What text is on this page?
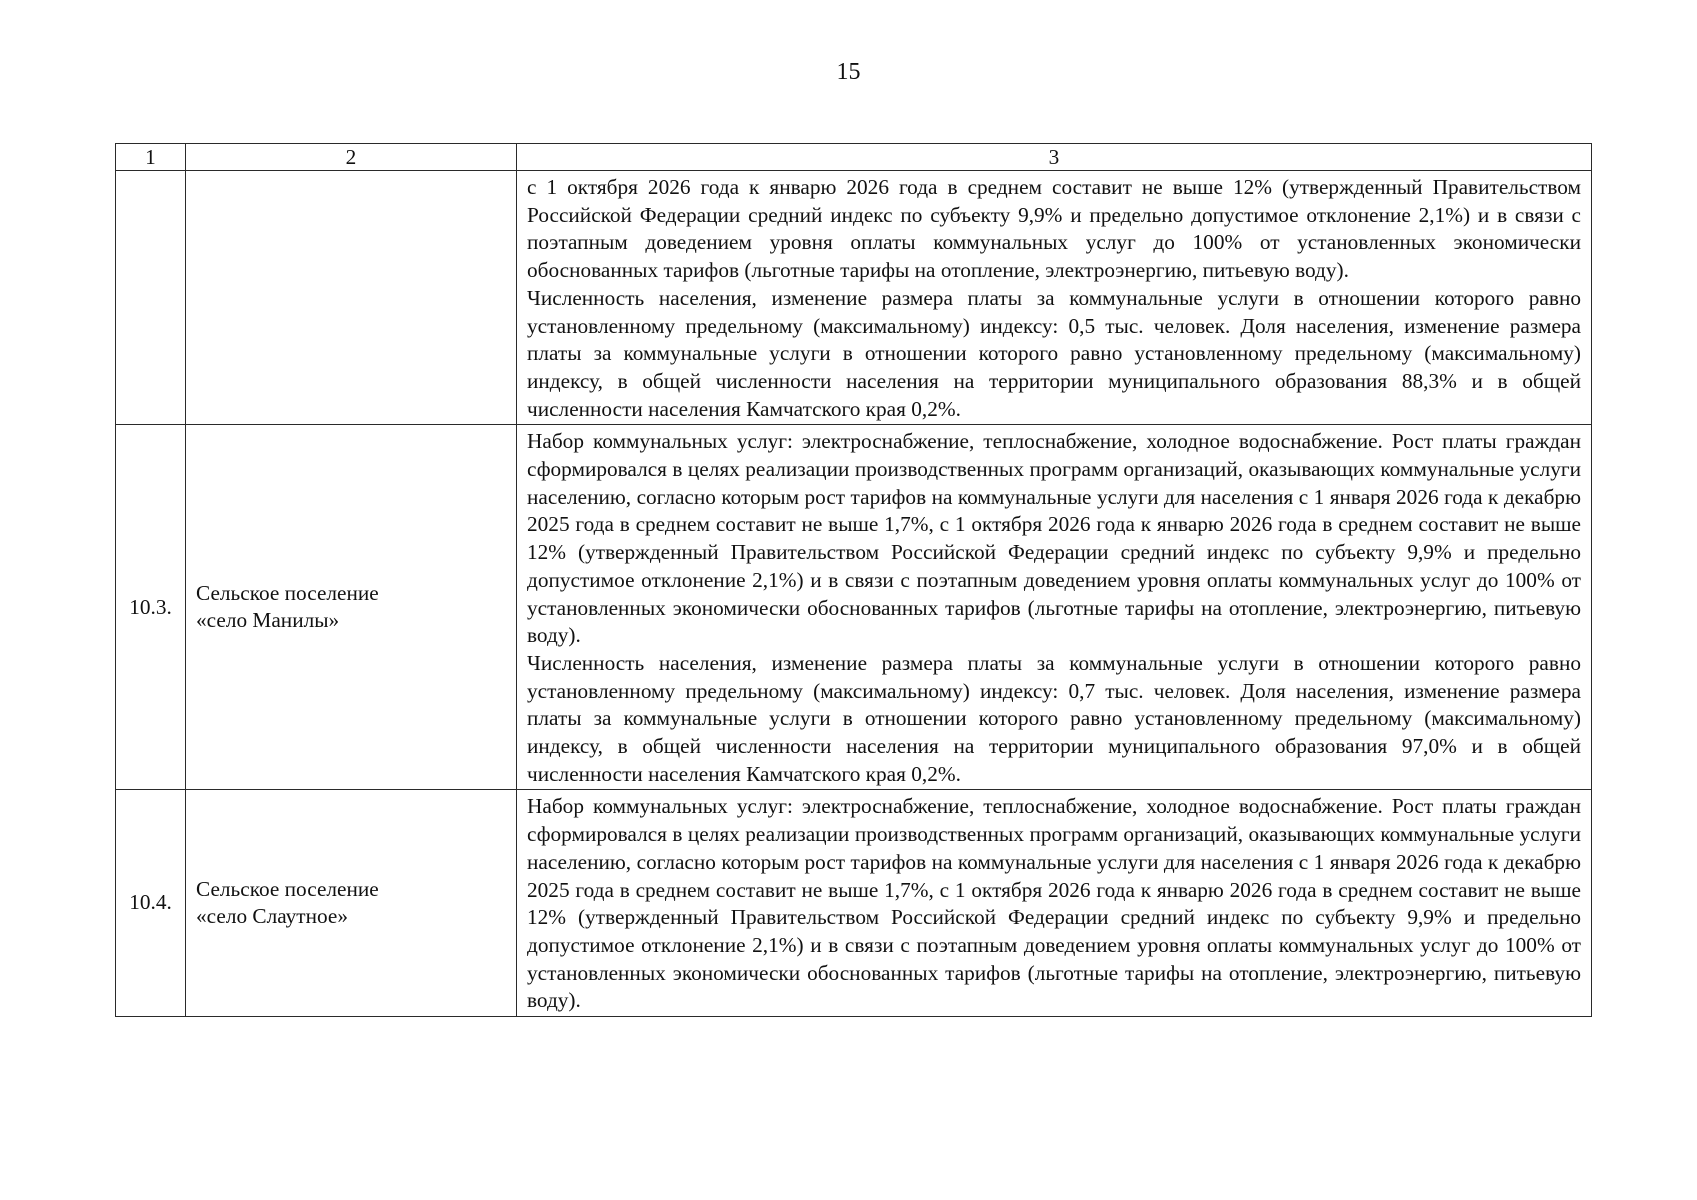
15
1	2	3

		с 1 октября 2026 года к январю 2026 года в среднем составит не выше 12% (утвержденный Правительством Российской Федерации средний индекс по субъекту 9,9% и предельно допустимое отклонение 2,1%) и в связи с поэтапным доведением уровня оплаты коммунальных услуг до 100% от установленных экономически обоснованных тарифов (льготные тарифы на отопление, электроэнергию, питьевую воду).
Численность населения, изменение размера платы за коммунальные услуги в отношении которого равно установленному предельному (максимальному) индексу: 0,5 тыс. человек. Доля населения, изменение размера платы за коммунальные услуги в отношении которого равно установленному предельному (максимальному) индексу, в общей численности населения на территории муниципального образования 88,3% и в общей численности населения Камчатского края 0,2%.

10.3.	Сельское поселение
«село Манилы»	Набор коммунальных услуг: электроснабжение, теплоснабжение, холодное водоснабжение. Рост платы граждан сформировался в целях реализации производственных программ организаций, оказывающих коммунальные услуги населению, согласно которым рост тарифов на коммунальные услуги для населения с 1 января 2026 года к декабрю 2025 года в среднем составит не выше 1,7%, с 1 октября 2026 года к январю 2026 года в среднем составит не выше 12% (утвержденный Правительством Российской Федерации средний индекс по субъекту 9,9% и предельно допустимое отклонение 2,1%) и в связи с поэтапным доведением уровня оплаты коммунальных услуг до 100% от установленных экономически обоснованных тарифов (льготные тарифы на отопление, электроэнергию, питьевую воду).
Численность населения, изменение размера платы за коммунальные услуги в отношении которого равно установленному предельному (максимальному) индексу: 0,7 тыс. человек. Доля населения, изменение размера платы за коммунальные услуги в отношении которого равно установленному предельному (максимальному) индексу, в общей численности населения на территории муниципального образования 97,0% и в общей численности населения Камчатского края 0,2%.

10.4.	Сельское поселение
«село Слаутное»	Набор коммунальных услуг: электроснабжение, теплоснабжение, холодное водоснабжение. Рост платы граждан сформировался в целях реализации производственных программ организаций, оказывающих коммунальные услуги населению, согласно которым рост тарифов на коммунальные услуги для населения с 1 января 2026 года к декабрю 2025 года в среднем составит не выше 1,7%, с 1 октября 2026 года к январю 2026 года в среднем составит не выше 12% (утвержденный Правительством Российской Федерации средний индекс по субъекту 9,9% и предельно допустимое отклонение 2,1%) и в связи с поэтапным доведением уровня оплаты коммунальных услуг до 100% от установленных экономически обоснованных тарифов (льготные тарифы на отопление, электроэнергию, питьевую воду).
